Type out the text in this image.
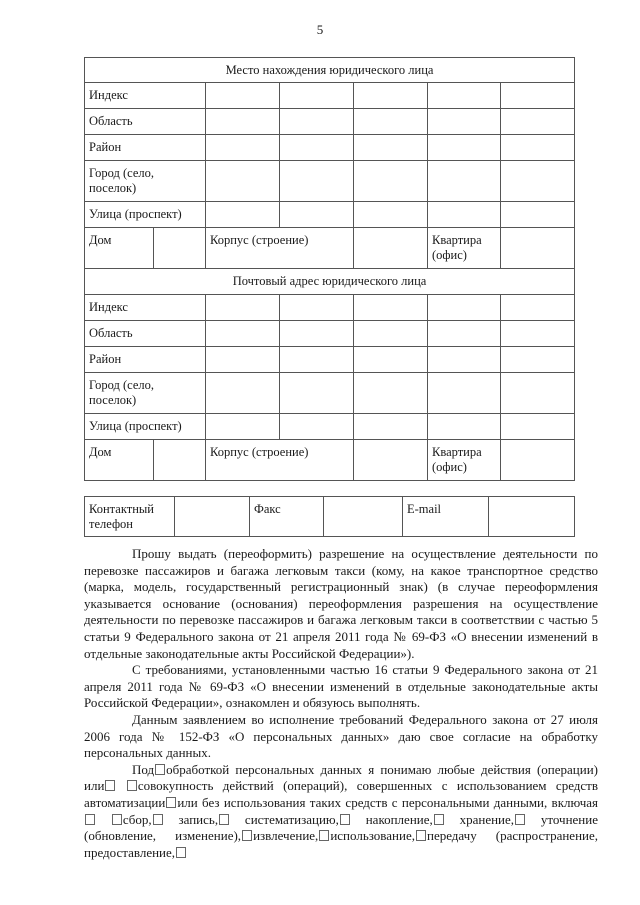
5
Место нахождения юридического лица						
Индекс						
Область						
Район						
Город (село, поселок)						
Улица (проспект)						
Дом		Корпус (строение)			Квартира (офис)	
Почтовый адрес юридического лица						
Индекс						
Область						
Район						
Город (село, поселок)						
Улица (проспект)						
Дом		Корпус (строение)			Квартира (офис)	
Контактный телефон		Факс		E-mail	

Прошу выдать (переоформить) разрешение на осуществление деятельности по перевозке пассажиров и багажа легковым такси (кому, на какое транспортное средство (марка, модель, государственный регистрационный знак) (в случае переоформления указывается основание (основания) переоформления разрешения на осуществление деятельности по перевозке пассажиров и багажа легковым такси в соответствии с частью 5 статьи 9 Федерального закона от 21 апреля 2011 года № 69-ФЗ «О внесении изменений в отдельные законодательные акты Российской Федерации»).

С требованиями, установленными частью 16 статьи 9 Федерального закона от 21 апреля 2011 года № 69-ФЗ «О внесении изменений в отдельные законодательные акты Российской Федерации», ознакомлен и обязуюсь выполнять.

Данным заявлением во исполнение требований Федерального закона от 27 июля 2006 года № 152-ФЗ «О персональных данных» даю свое согласие на обработку персональных данных.

Под обработкой персональных данных я понимаю любые действия (операции) или	совокупность действий (операций), совершенных с использованием средств автоматизации или без использования таких средств с персональными данными, включая сбор, запись, систематизацию, накопление, хранение, уточнение (обновление, изменение), извлечение, использование, передачу (распространение, предоставление,
